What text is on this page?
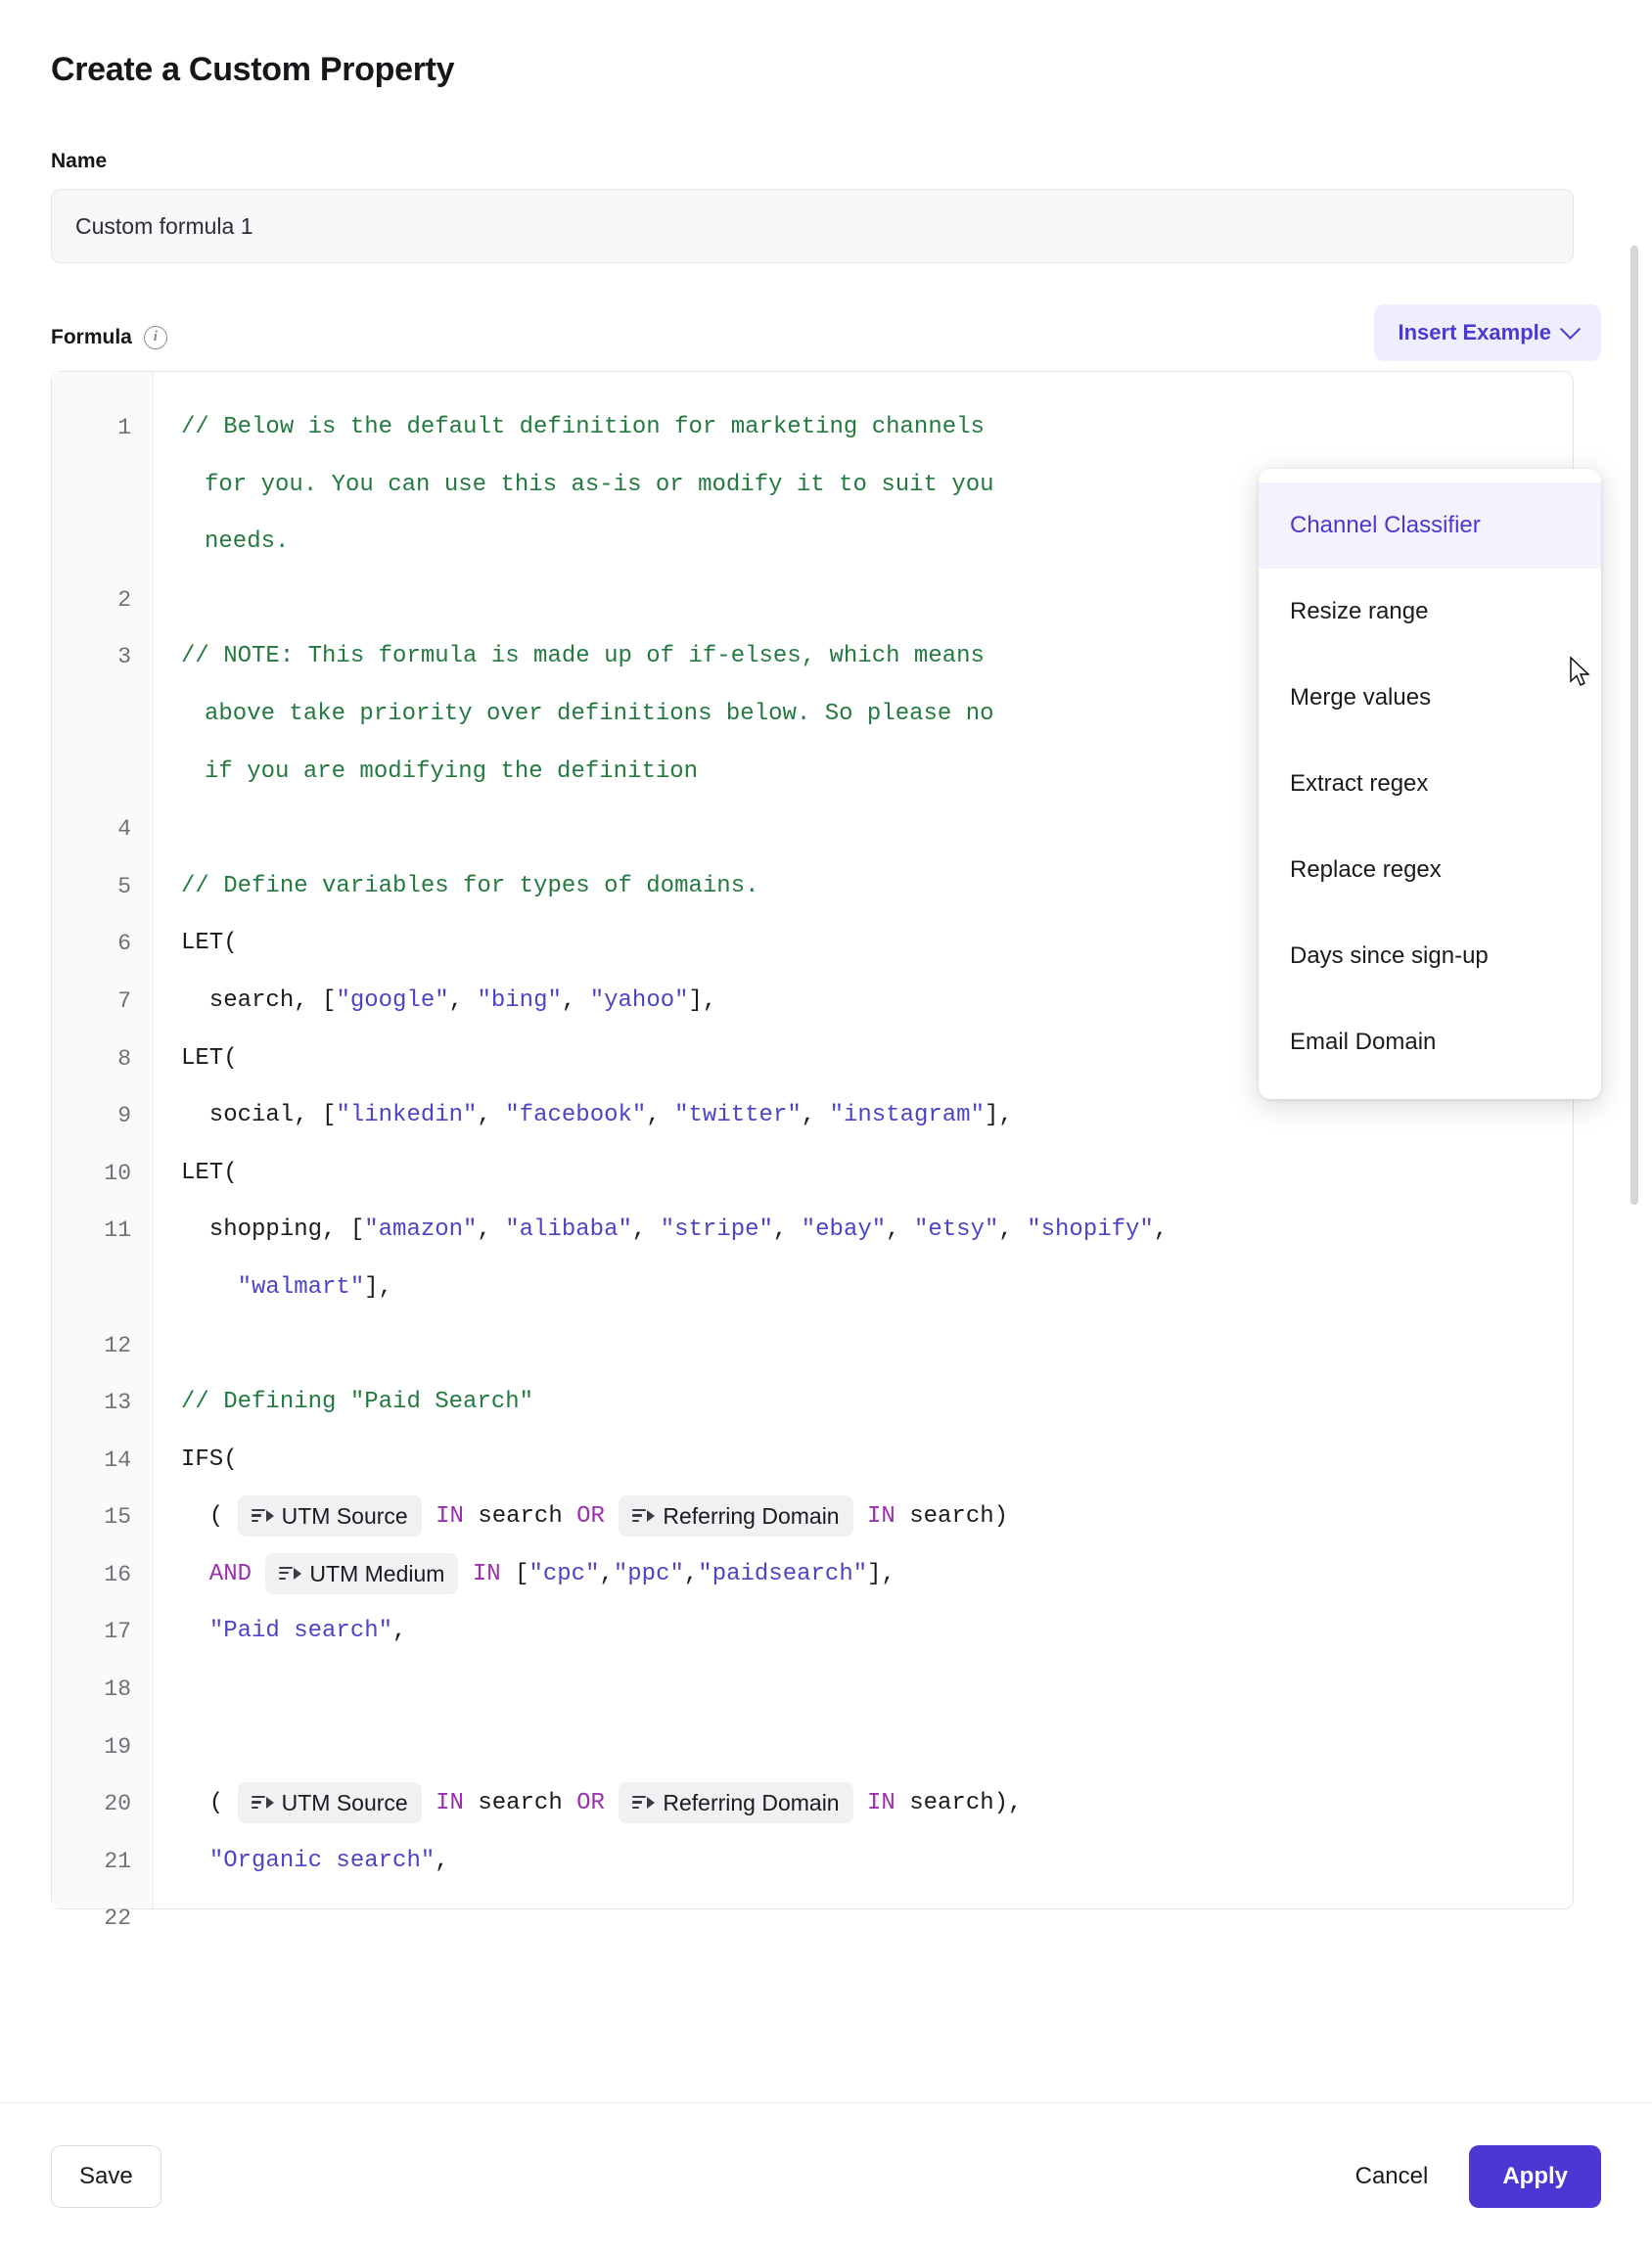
Create a Custom Property
Name
Custom formula 1
Formula	i	Insert Example
1
2
3
4
5
6
7
8
9
10
11
12
13
14
15
16
17
18
19
20
21
22
// Below is the default definition for marketing channels
for you. You can use this as-is or modify it to suit you
needs.

// NOTE: This formula is made up of if-elses, which means
above take priority over definitions below. So please no
if you are modifying the definition

// Define variables for types of domains.
LET(
search, ["google", "bing", "yahoo"],
LET(
social, ["linkedin", "facebook", "twitter", "instagram"],
LET(
shopping, ["amazon", "alibaba", "stripe", "ebay", "etsy", "shopify",
"walmart"],

// Defining "Paid Search"
IFS(
( UTM Source IN search OR Referring Domain IN search)
AND UTM Medium IN ["cpc","ppc","paidsearch"],
"Paid search",

( UTM Source IN search OR Referring Domain IN search),
"Organic search",

Channel Classifier
Resize range
Merge values
Extract regex
Replace regex
Days since sign-up
Email Domain
Save	Cancel	Apply
